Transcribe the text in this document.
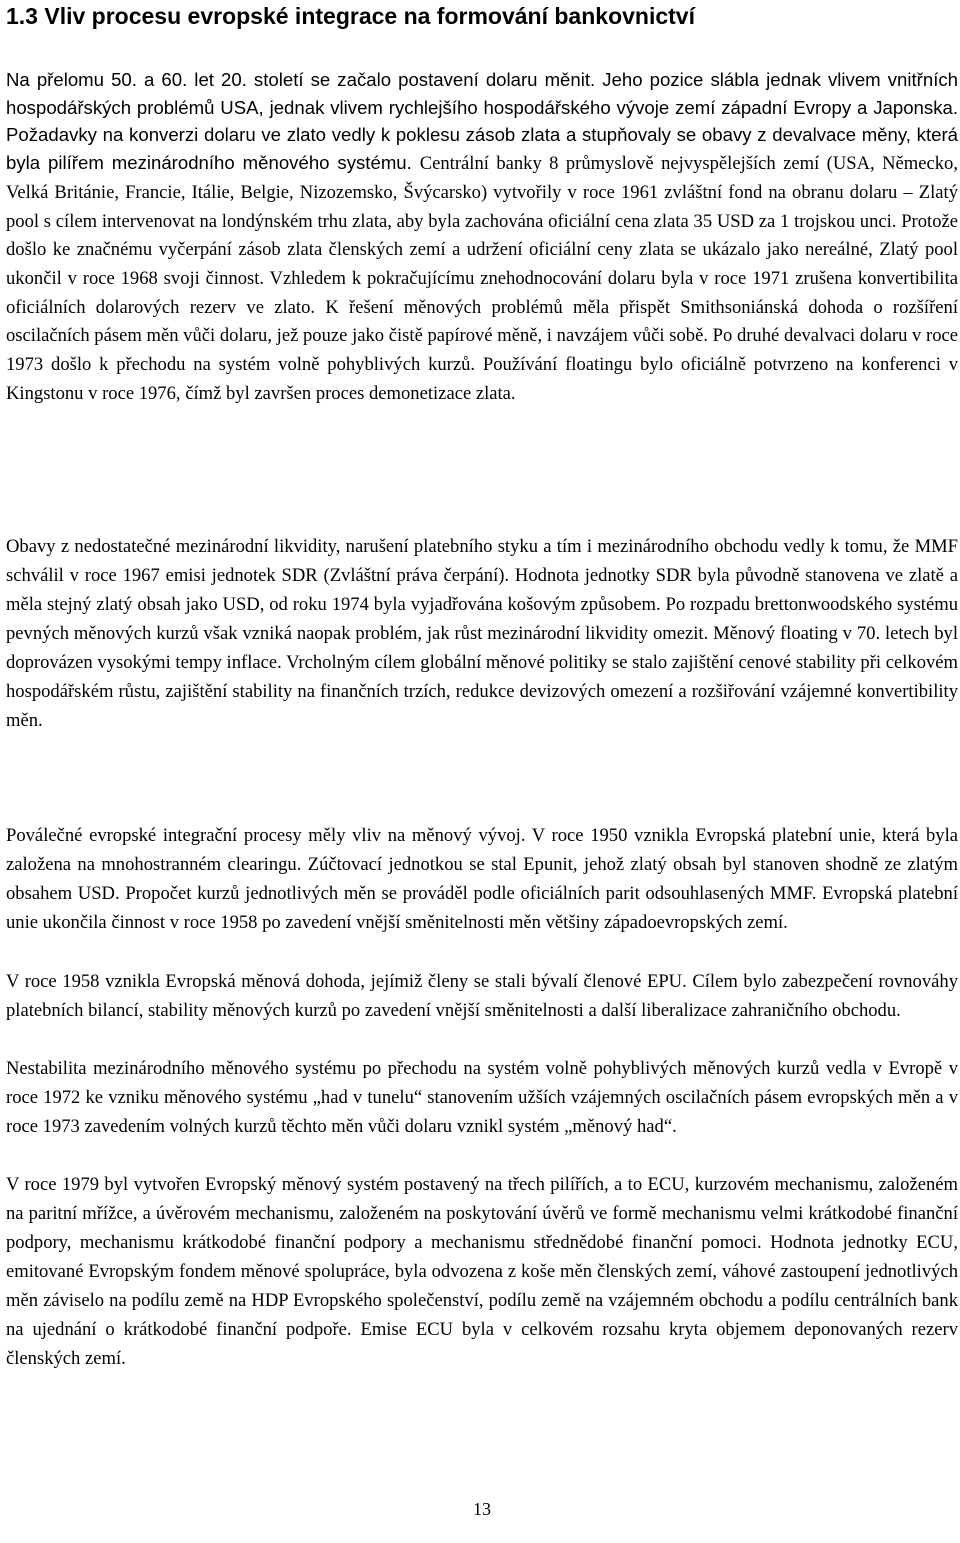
1.3 Vliv procesu evropské integrace na formování bankovnictví

Na přelomu 50. a 60. let 20. století se začalo postavení dolaru měnit. Jeho pozice slábla jednak vlivem vnitřních hospodářských problémů USA, jednak vlivem rychlejšího hospodářského vývoje zemí západní Evropy a Japonska. Požadavky na konverzi dolaru ve zlato vedly k poklesu zásob zlata a stupňovaly se obavy z devalvace měny, která byla pilířem mezinárodního měnového systému. Centrální banky 8 průmyslově nejvyspělejších zemí (USA, Německo, Velká Británie, Francie, Itálie, Belgie, Nizozemsko, Švýcarsko) vytvořily v roce 1961 zvláštní fond na obranu dolaru – Zlatý pool s cílem intervenovat na londýnském trhu zlata, aby byla zachována oficiální cena zlata 35 USD za 1 trojskou unci. Protože došlo ke značnému vyčerpání zásob zlata členských zemí a udržení oficiální ceny zlata se ukázalo jako nereálné, Zlatý pool ukončil v roce 1968 svoji činnost. Vzhledem k pokračujícímu znehodnocování dolaru byla v roce 1971 zrušena konvertibilita oficiálních dolarových rezerv ve zlato. K řešení měnových problémů měla přispět Smithsoniánská dohoda o rozšíření oscilačních pásem měn vůči dolaru, jež pouze jako čistě papírové měně, i navzájem vůči sobě. Po druhé devalvaci dolaru v roce 1973 došlo k přechodu na systém volně pohyblivých kurzů. Používání floatingu bylo oficiálně potvrzeno na konferenci v Kingstonu v roce 1976, čímž byl završen proces demonetizace zlata.

Obavy z nedostatečné mezinárodní likvidity, narušení platebního styku a tím i mezinárodního obchodu vedly k tomu, že MMF schválil v roce 1967 emisi jednotek SDR (Zvláštní práva čerpání). Hodnota jednotky SDR byla původně stanovena ve zlatě a měla stejný zlatý obsah jako USD, od roku 1974 byla vyjadřována košovým způsobem. Po rozpadu brettonwoodského systému pevných měnových kurzů však vzniká naopak problém, jak růst mezinárodní likvidity omezit. Měnový floating v 70. letech byl doprovázen vysokými tempy inflace. Vrcholným cílem globální měnové politiky se stalo zajištění cenové stability při celkovém hospodářském růstu, zajištění stability na finančních trzích, redukce devizových omezení a rozšiřování vzájemné konvertibility měn.

Poválečné evropské integrační procesy měly vliv na měnový vývoj. V roce 1950 vznikla Evropská platební unie, která byla založena na mnohostranném clearingu. Zúčtovací jednotkou se stal Epunit, jehož zlatý obsah byl stanoven shodně ze zlatým obsahem USD. Propočet kurzů jednotlivých měn se prováděl podle oficiálních parit odsouhlasených MMF. Evropská platební unie ukončila činnost v roce 1958 po zavedení vnější směnitelnosti měn většiny západoevropských zemí.

V roce 1958 vznikla Evropská měnová dohoda, jejímiž členy se stali bývalí členové EPU. Cílem bylo zabezpečení rovnováhy platebních bilancí, stability měnových kurzů po zavedení vnější směnitelnosti a další liberalizace zahraničního obchodu.

Nestabilita mezinárodního měnového systému po přechodu na systém volně pohyblivých měnových kurzů vedla v Evropě v roce 1972 ke vzniku měnového systému „had v tunelu“ stanovením užších vzájemných oscilačních pásem evropských měn a v roce 1973 zavedením volných kurzů těchto měn vůči dolaru vznikl systém „měnový had“.

V roce 1979 byl vytvořen Evropský měnový systém postavený na třech pilířích, a to ECU, kurzovém mechanismu, založeném na paritní mřížce, a úvěrovém mechanismu, založeném na poskytování úvěrů ve formě mechanismu velmi krátkodobé finanční podpory, mechanismu krátkodobé finanční podpory a mechanismu střednědobé finanční pomoci. Hodnota jednotky ECU, emitované Evropským fondem měnové spolupráce, byla odvozena z koše měn členských zemí, váhové zastoupení jednotlivých měn záviselo na podílu země na HDP Evropského společenství, podílu země na vzájemném obchodu a podílu centrálních bank na ujednání o krátkodobé finanční podpoře. Emise ECU byla v celkovém rozsahu kryta objemem deponovaných rezerv členských zemí.

13
